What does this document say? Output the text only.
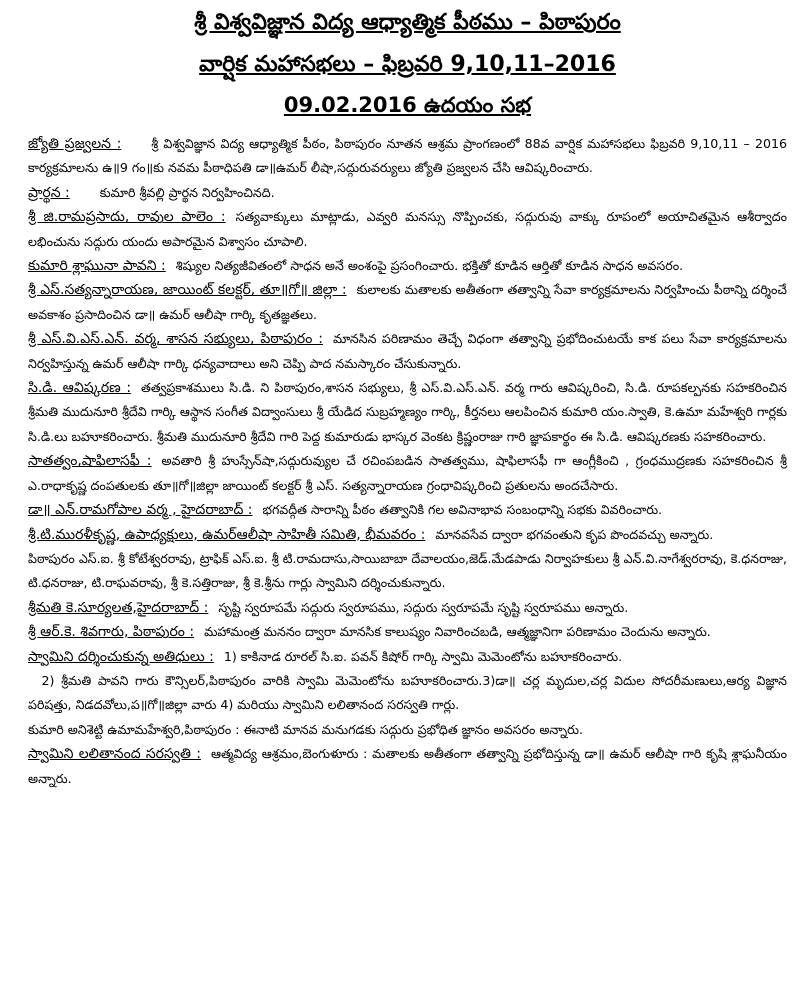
శ్రీ విశ్వవిజ్ఞాన విద్య ఆధ్యాత్మిక పీఠము – పిఠాపురం
వార్షిక మహాసభలు – ఫిబ్రవరి 9,10,11–2016
09.02.2016 ఉదయం సభ

జ్యోతి ప్రజ్వలన : శ్రీ విశ్వవిజ్ఞాన విద్య ఆధ్యాత్మిక పీఠం, పిఠాపురం నూతన ఆశ్రమ ప్రాంగణంలో 88వ వార్షిక మహాసభలు ఫిబ్రవరి 9,10,11 – 2016 కార్యక్రమాలను ఉ॥9 గం॥కు నవమ పీఠాధిపతి డా॥ఉమర్ లీషా,సద్గురువర్యులు జ్యోతి ప్రజ్వలన చేసి ఆవిష్కరించారు.

ప్రార్థన : కుమారి శ్రీవల్లి ప్రార్థన నిర్వహించినది.

శ్రీ జి.రామప్రసాదు, రావుల పాలెం : సత్యవాక్కులు మాట్లాడు, ఎవ్వరి మనస్సు నొప్పించకు, సద్గురువు వాక్కు రూపంలో అయాచితమైన ఆశీర్వాదం లభించును సద్గురు యందు అపారమైన విశ్వాసం చూపాలి.

కుమారి శ్లాఘునా పావని : శిష్యుల నిత్యజీవితంలో సాధన అనే అంశంపై ప్రసంగించారు. భక్తితో కూడిన ఆర్తితో కూడిన సాధన అవసరం.

శ్రీ ఎస్.సత్యన్నారాయణ, జాయింట్ కలక్టర్, తూ॥గో॥ జిల్లా : కులాలకు మతాలకు అతీతంగా తత్వాన్ని సేవా కార్యక్రమాలను నిర్వహించు పీఠాన్ని దర్శించే అవకాశం ప్రసాదించిన డా॥ ఉమర్ ఆలీషా గార్కి కృతజ్ఞతలు.

శ్రీ ఎస్.వి.ఎస్.ఎన్. వర్మ, శాసన సభ్యులు, పిఠాపురం : మానసిన పరిణామం తెచ్చే విధంగా తత్వాన్ని ప్రభోదించుటయే కాక పలు సేవా కార్యక్రమాలను నిర్వహిస్తున్న ఉమర్ ఆలీషా గార్కి ధన్యవాదాలు అని చెప్పి పాద నమస్కారం చేసుకున్నారు.

సి.డి. ఆవిష్కరణ : తత్వప్రకాశములు సి.డి. ని పిఠాపురం,శాసన సభ్యులు, శ్రీ ఎస్.వి.ఎస్.ఎన్. వర్మ గారు ఆవిష్కరించి, సి.డి. రూపకల్పనకు సహకరించిన శ్రీమతి ముదునూరి శ్రీదేవి గార్కి ఆస్థాన సంగీత విద్వాంసులు శ్రీ యేడిద సుబ్రహ్మణ్యం గార్కి, కీర్తనలు ఆలపించిన కుమారి యం.స్వాతి, కె.ఉమా మహేశ్వరి గార్లకు సి.డి.లు బహూకరించారు. శ్రీమతి ముదునూరి శ్రీదేవి గారి పెద్ద కుమారుడు భాస్కర వెంకట క్రిష్ణంరాజు గారి జ్ఞాపకార్థం ఈ సి.డి. ఆవిష్కరణకు సహకరించారు.

సాతత్వం,షాఫిలాసఫీ : అవతారి శ్రీ హుస్సేన్‌షా,సద్గురువ్యుల చే రచింపబడిన సాతత్వము, షాఫిలాసఫీ గా ఆంగ్లీకించి , గ్రంధముద్రణకు సహకరించిన శ్రీ ఎ.రాధాకృష్ణ దంపతులకు తూ॥గో॥జిల్లా జాయింట్ కలక్టర్ శ్రీ ఎస్. సత్యన్నారాయణ గ్రంధావిష్కరించి ప్రతులను అందచేసారు.

డా॥ ఎన్.రామగోపాల వర్మ , హైదరాబాద్ : భగవద్గీత సారాన్ని పీఠం తత్వానికి గల అవినాభావ సంబంధాన్ని సభకు వివరించారు.

శ్రీ.టి.మురళీకృష్ణ, ఉపాధ్యక్షులు, ఉమర్ఆలీషా సాహితీ సమితి, భీమవరం : మానవసేవ ద్వారా భగవంతుని కృప పొందవచ్చు అన్నారు.

పిఠాపురం ఎస్.ఐ. శ్రీ కోటేశ్వరరావు, ట్రాఫిక్ ఎస్.ఐ. శ్రీ టి.రామదాసు,సాయిబాబా దేవాలయం,జెడ్.మేడపాడు నిర్వాహకులు శ్రీ ఎన్.వి.నాగేశ్వరరావు, కె.ధనరాజు, టి.ధనరాజు, టి.రాఘవరావు, శ్రీ కె.సత్తిరాజు, శ్రీ కె.శ్రీను గార్లు స్వామిని దర్శించుకున్నారు.

శ్రీమతి కె.సూర్యలత,హైదరాబాద్ : సృష్టి స్వరూపమే సద్గురు స్వరూపము, సద్గురు స్వరూపమే సృష్టి స్వరూపము అన్నారు.

శ్రీ ఆర్.కె. శివగారు, పిఠాపురం : మహామంత్ర మననం ద్వారా మానసిక కాలుష్యం నివారించబడి, ఆత్మజ్ఞానిగా పరిణామం చెందును అన్నారు.

స్వామిని దర్శించుకున్న అతిధులు : 1) కాకినాడ రూరల్ సి.ఐ. పవన్ కిషోర్ గార్కి స్వామి మెమెంటోను బహూకరించారు.

2) శ్రీమతి పావని గారు కౌన్సిలర్,పిఠాపురం వారికి స్వామి మెమెంటోను బహూకరించారు.3)డా॥ చర్ల మృదుల,చర్ల విదుల సోదరీమణులు,ఆర్య విజ్ఞాన పరిషత్తు, నిడదవోలు,ప॥గో॥జిల్లా వారు 4) మరియు స్వామిని లలితానంద సరస్వతి గార్లు.

కుమారి అనిశెట్టి ఉమామహేశ్వరి,పిఠాపురం : ఈనాటి మానవ మనుగడకు సద్గురు ప్రభోధిత జ్ఞానం అవసరం అన్నారు.

స్వామిని లలితానంద సరస్వతి : ఆత్మవిద్య ఆశ్రమం,బెంగుళూరు : మతాలకు అతీతంగా తత్వాన్ని ప్రభోదిస్తున్న డా॥ ఉమర్ ఆలీషా గారి కృషి శ్లాఘనీయం అన్నారు.
